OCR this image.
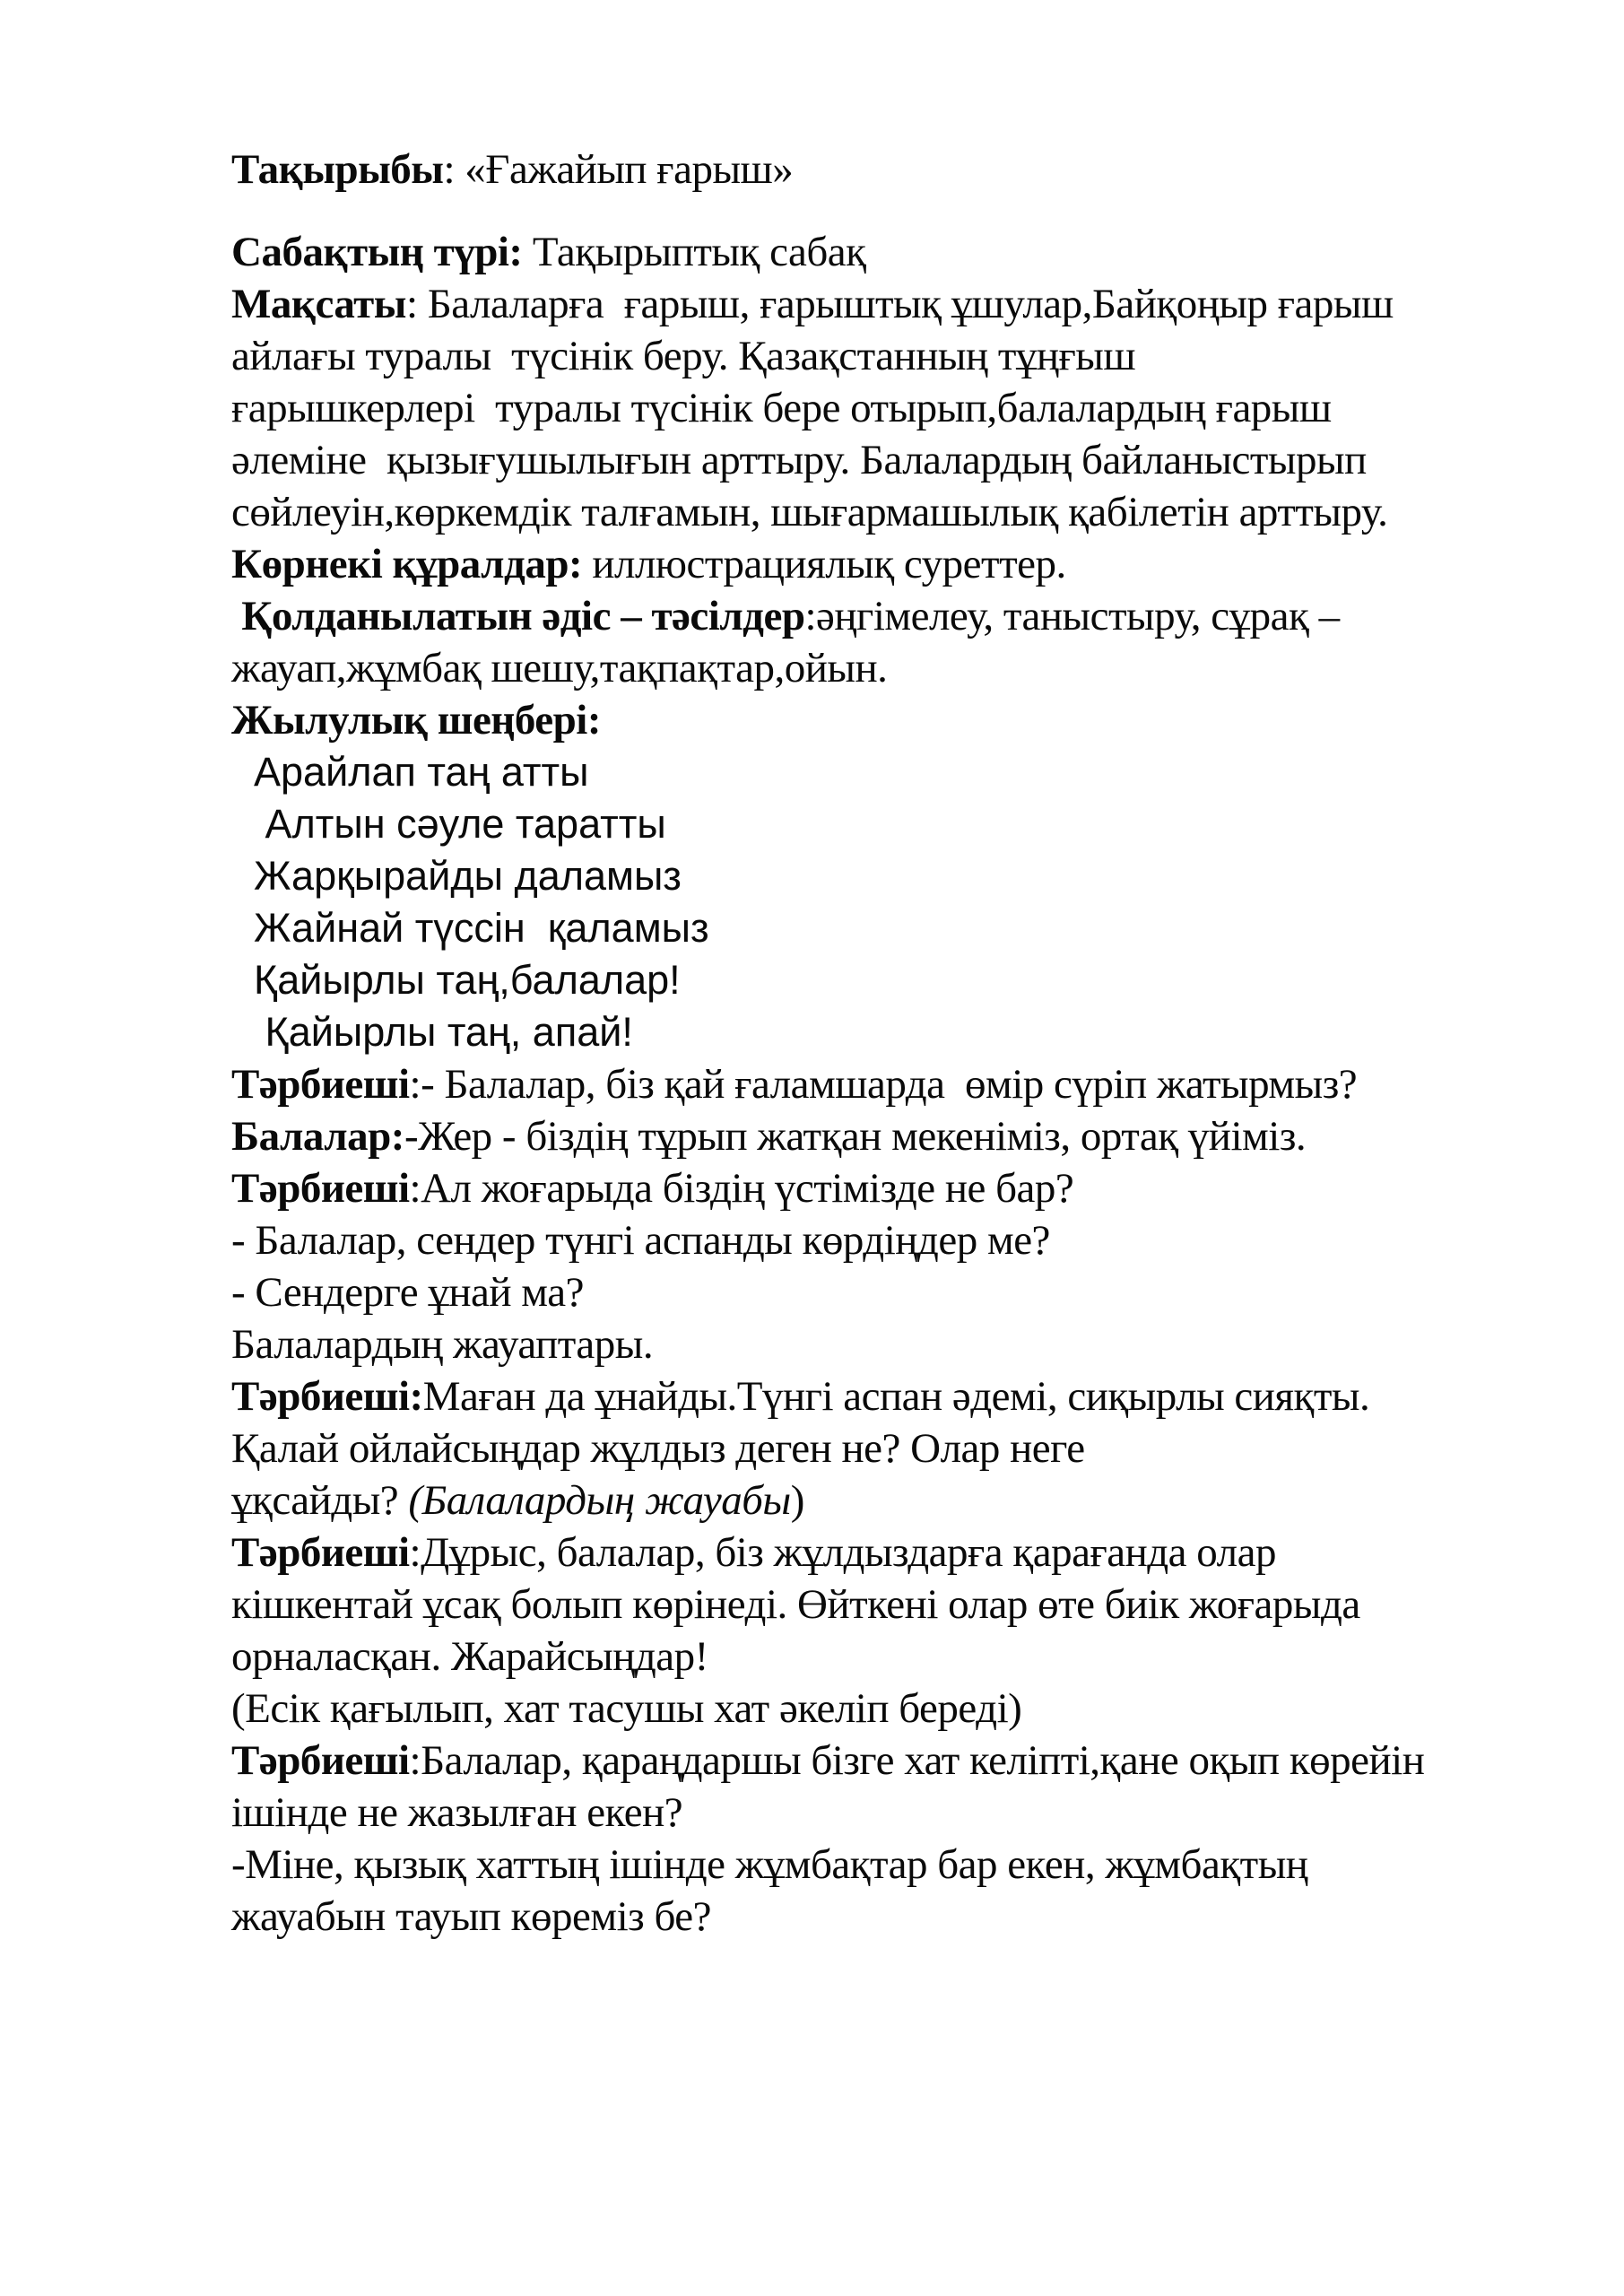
Тақырыбы: «Ғажайып ғарыш»

Сабақтың түрі: Тақырыптық сабақ

Мақсаты: Балаларға  ғарыш, ғарыштық ұшулар,Байқоңыр ғарыш

айлағы туралы  түсінік беру. Қазақстанның тұңғыш

ғарышкерлері  туралы түсінік бере отырып,балалардың ғарыш

әлеміне  қызығушылығын арттыру. Балалардың байланыстырып

сөйлеуін,көркемдік талғамын, шығармашылық қабілетін арттыру.

Көрнекі құралдар: иллюстрациялық суреттер.

Қолданылатын әдіс – тәсілдер:әңгімелеу, таныстыру, сұрақ –

жауап,жұмбақ шешу,тақпақтар,ойын.

Жылулық шеңбері:

Арайлап таң атты

Алтын сәуле таратты

Жарқырайды даламыз

Жайнай түссін  қаламыз

Қайырлы таң,балалар!

Қайырлы таң, апай!

Тәрбиеші:- Балалар, біз қай ғаламшарда  өмір сүріп жатырмыз?

Балалар:-Жер - біздің тұрып жатқан мекеніміз, ортақ үйіміз.

Тәрбиеші:Ал жоғарыда біздің үстімізде не бар?

- Балалар, сендер түнгі аспанды көрдіңдер ме?

- Сендерге ұнай ма?

Балалардың жауаптары.

Тәрбиеші:Маған да ұнайды.Түнгі аспан әдемі, сиқырлы сияқты.

Қалай ойлайсыңдар жұлдыз деген не? Олар неге

ұқсайды? (Балалардың жауабы)

Тәрбиеші:Дұрыс, балалар, біз жұлдыздарға қарағанда олар

кішкентай ұсақ болып көрінеді. Өйткені олар өте биік жоғарыда

орналасқан. Жарайсыңдар!

(Есік қағылып, хат тасушы хат әкеліп береді)

Тәрбиеші:Балалар, қараңдаршы бізге хат келіпті,қане оқып көрейін

ішінде не жазылған екен?

-Міне, қызық хаттың ішінде жұмбақтар бар екен, жұмбақтың

жауабын тауып көреміз бе?
